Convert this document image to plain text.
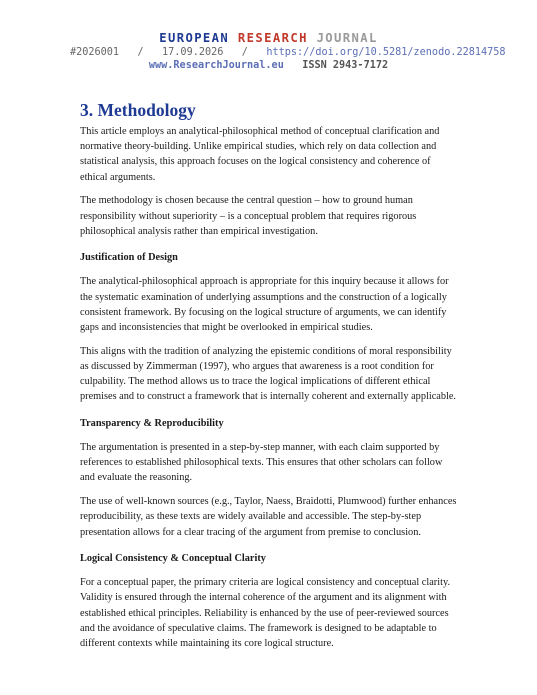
EUROPEAN RESEARCH JOURNAL
#2026001 / 17.09.2026 / https://doi.org/10.5281/zenodo.22814758
www.ResearchJournal.eu ISSN 2943-7172
3. Methodology

This article employs an analytical-philosophical method of conceptual clarification and normative theory-building. Unlike empirical studies, which rely on data collection and statistical analysis, this approach focuses on the logical consistency and coherence of ethical arguments.

The methodology is chosen because the central question – how to ground human responsibility without superiority – is a conceptual problem that requires rigorous philosophical analysis rather than empirical investigation.

Justification of Design

The analytical-philosophical approach is appropriate for this inquiry because it allows for the systematic examination of underlying assumptions and the construction of a logically consistent framework. By focusing on the logical structure of arguments, we can identify gaps and inconsistencies that might be overlooked in empirical studies.

This aligns with the tradition of analyzing the epistemic conditions of moral responsibility as discussed by Zimmerman (1997), who argues that awareness is a root condition for culpability. The method allows us to trace the logical implications of different ethical premises and to construct a framework that is internally coherent and externally applicable.

Transparency & Reproducibility

The argumentation is presented in a step-by-step manner, with each claim supported by references to established philosophical texts. This ensures that other scholars can follow and evaluate the reasoning.

The use of well-known sources (e.g., Taylor, Naess, Braidotti, Plumwood) further enhances reproducibility, as these texts are widely available and accessible. The step-by-step presentation allows for a clear tracing of the argument from premise to conclusion.

Logical Consistency & Conceptual Clarity

For a conceptual paper, the primary criteria are logical consistency and conceptual clarity. Validity is ensured through the internal coherence of the argument and its alignment with established ethical principles. Reliability is enhanced by the use of peer-reviewed sources and the avoidance of speculative claims. The framework is designed to be adaptable to different contexts while maintaining its core logical structure.
